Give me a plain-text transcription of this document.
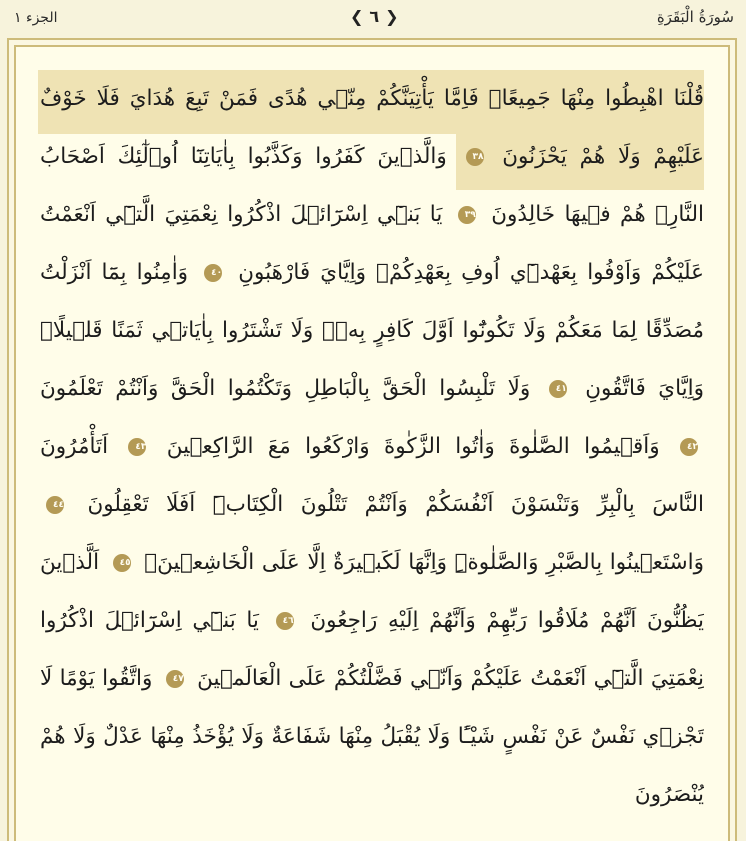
الجزء ١	❮ ٦ ❯	سُورَةُ الْبَقَرَةِ
قُلْنَا اهْبِطُوا مِنْهَا جَمِيعًاۚ فَاِمَّا يَأْتِيَنَّكُمْ مِنّ۪ي هُدًى فَمَنْ تَبِعَ هُدَايَ فَلَا خَوْفٌ
عَلَيْهِمْ وَلَا هُمْ يَحْزَنُونَ ٣٨ وَالَّذ۪ينَ كَفَرُوا وَكَذَّبُوا بِاٰيَاتِنَٓا اُو۬لٰٓئِكَ اَصْحَابُ
النَّارِۚ هُمْ ف۪يهَا خَالِدُونَ ٣٩ يَا بَن۪ٓي اِسْرَٓائ۪لَ اذْكُرُوا نِعْمَتِيَ الَّت۪ٓي اَنْعَمْتُ
عَلَيْكُمْ وَاَوْفُوا بِعَهْد۪ٓي اُوفِ بِعَهْدِكُمْۚ وَاِيَّايَ فَارْهَبُونِ ٤٠ وَاٰمِنُوا بِمَٓا اَنْزَلْتُ
مُصَدِّقًا لِمَا مَعَكُمْ وَلَا تَكُونُٓوا اَوَّلَ كَافِرٍ بِه۪ۖ وَلَا تَشْتَرُوا بِاٰيَات۪ي ثَمَنًا قَل۪يلًاۘ
وَاِيَّايَ فَاتَّقُونِ ٤١ وَلَا تَلْبِسُوا الْحَقَّ بِالْبَاطِلِ وَتَكْتُمُوا الْحَقَّ وَاَنْتُمْ تَعْلَمُونَ
٤٢ وَاَق۪يمُوا الصَّلٰوةَ وَاٰتُوا الزَّكٰوةَ وَارْكَعُوا مَعَ الرَّاكِع۪ينَ ٤٣ اَتَأْمُرُونَ
النَّاسَ بِالْبِرِّ وَتَنْسَوْنَ اَنْفُسَكُمْ وَاَنْتُمْ تَتْلُونَ الْكِتَابَۜ اَفَلَا تَعْقِلُونَ ٤٤
وَاسْتَع۪ينُوا بِالصَّبْرِ وَالصَّلٰوةِۜ وَاِنَّهَا لَكَب۪يرَةٌ اِلَّا عَلَى الْخَاشِع۪ينَۙ ٤٥ اَلَّذ۪ينَ
يَظُنُّونَ اَنَّهُمْ مُلَاقُوا رَبِّهِمْ وَاَنَّهُمْ اِلَيْهِ رَاجِعُونَ ٤٦ يَا بَن۪ٓي اِسْرَٓائ۪لَ اذْكُرُوا
نِعْمَتِيَ الَّت۪ٓي اَنْعَمْتُ عَلَيْكُمْ وَاَنّ۪ي فَضَّلْتُكُمْ عَلَى الْعَالَم۪ينَ ٤٧ وَاتَّقُوا يَوْمًا لَا
تَجْز۪ي نَفْسٌ عَنْ نَفْسٍ شَيْـًٔا وَلَا يُقْبَلُ مِنْهَا شَفَاعَةٌ وَلَا يُؤْخَذُ مِنْهَا عَدْلٌ وَلَا هُمْ
يُنْصَرُونَ
